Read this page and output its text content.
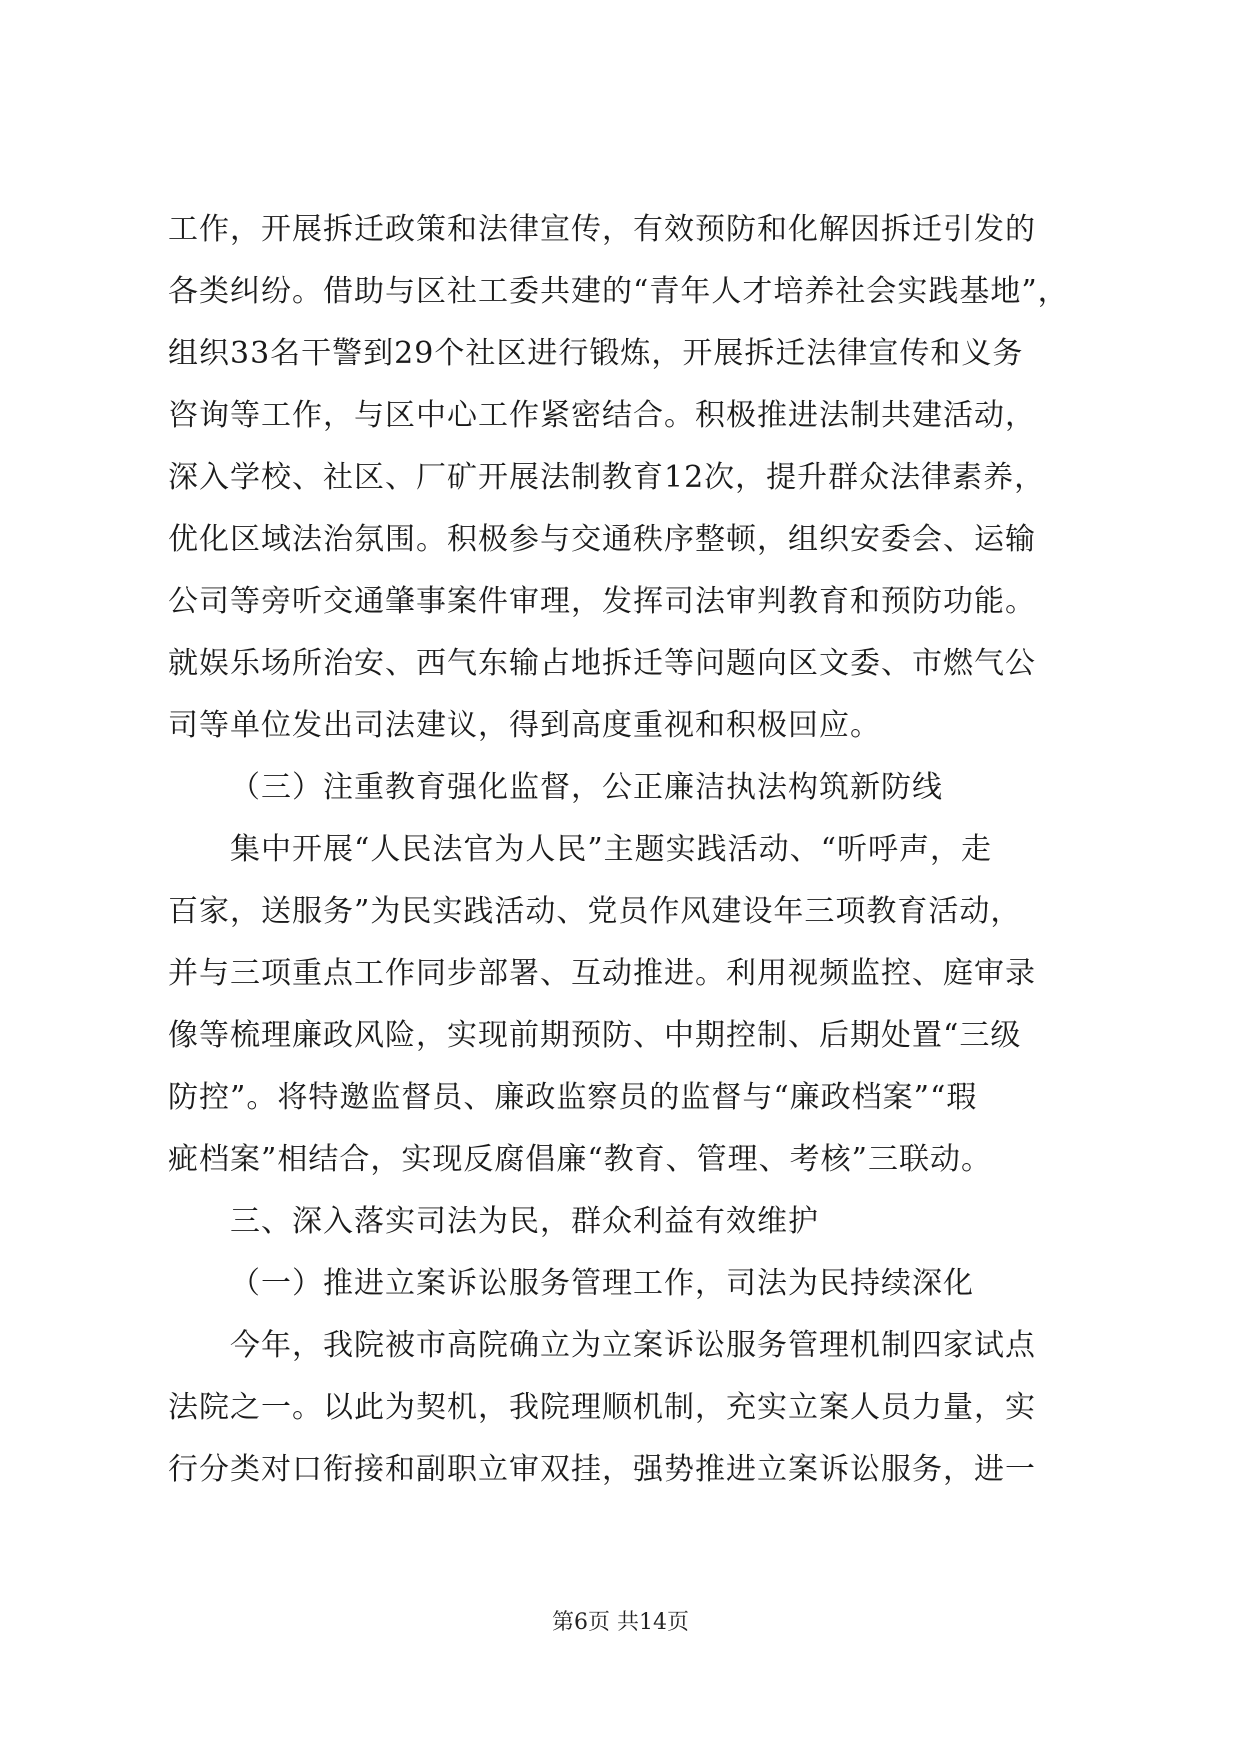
工作，开展拆迁政策和法律宣传，有效预防和化解因拆迁引发的
各类纠纷。借助与区社工委共建的“青年人才培养社会实践基地”，
组织33名干警到29个社区进行锻炼，开展拆迁法律宣传和义务
咨询等工作，与区中心工作紧密结合。积极推进法制共建活动，
深入学校、社区、厂矿开展法制教育12次，提升群众法律素养，
优化区域法治氛围。积极参与交通秩序整顿，组织安委会、运输
公司等旁听交通肇事案件审理，发挥司法审判教育和预防功能。
就娱乐场所治安、西气东输占地拆迁等问题向区文委、市燃气公
司等单位发出司法建议，得到高度重视和积极回应。
（三）注重教育强化监督，公正廉洁执法构筑新防线
集中开展“人民法官为人民”主题实践活动、“听呼声，走
百家，送服务”为民实践活动、党员作风建设年三项教育活动，
并与三项重点工作同步部署、互动推进。利用视频监控、庭审录
像等梳理廉政风险，实现前期预防、中期控制、后期处置“三级
防控”。将特邀监督员、廉政监察员的监督与“廉政档案”“瑕
疵档案”相结合，实现反腐倡廉“教育、管理、考核”三联动。
三、深入落实司法为民，群众利益有效维护
（一）推进立案诉讼服务管理工作，司法为民持续深化
今年，我院被市高院确立为立案诉讼服务管理机制四家试点
法院之一。以此为契机，我院理顺机制，充实立案人员力量，实
行分类对口衔接和副职立审双挂，强势推进立案诉讼服务，进一
第6页 共14页
